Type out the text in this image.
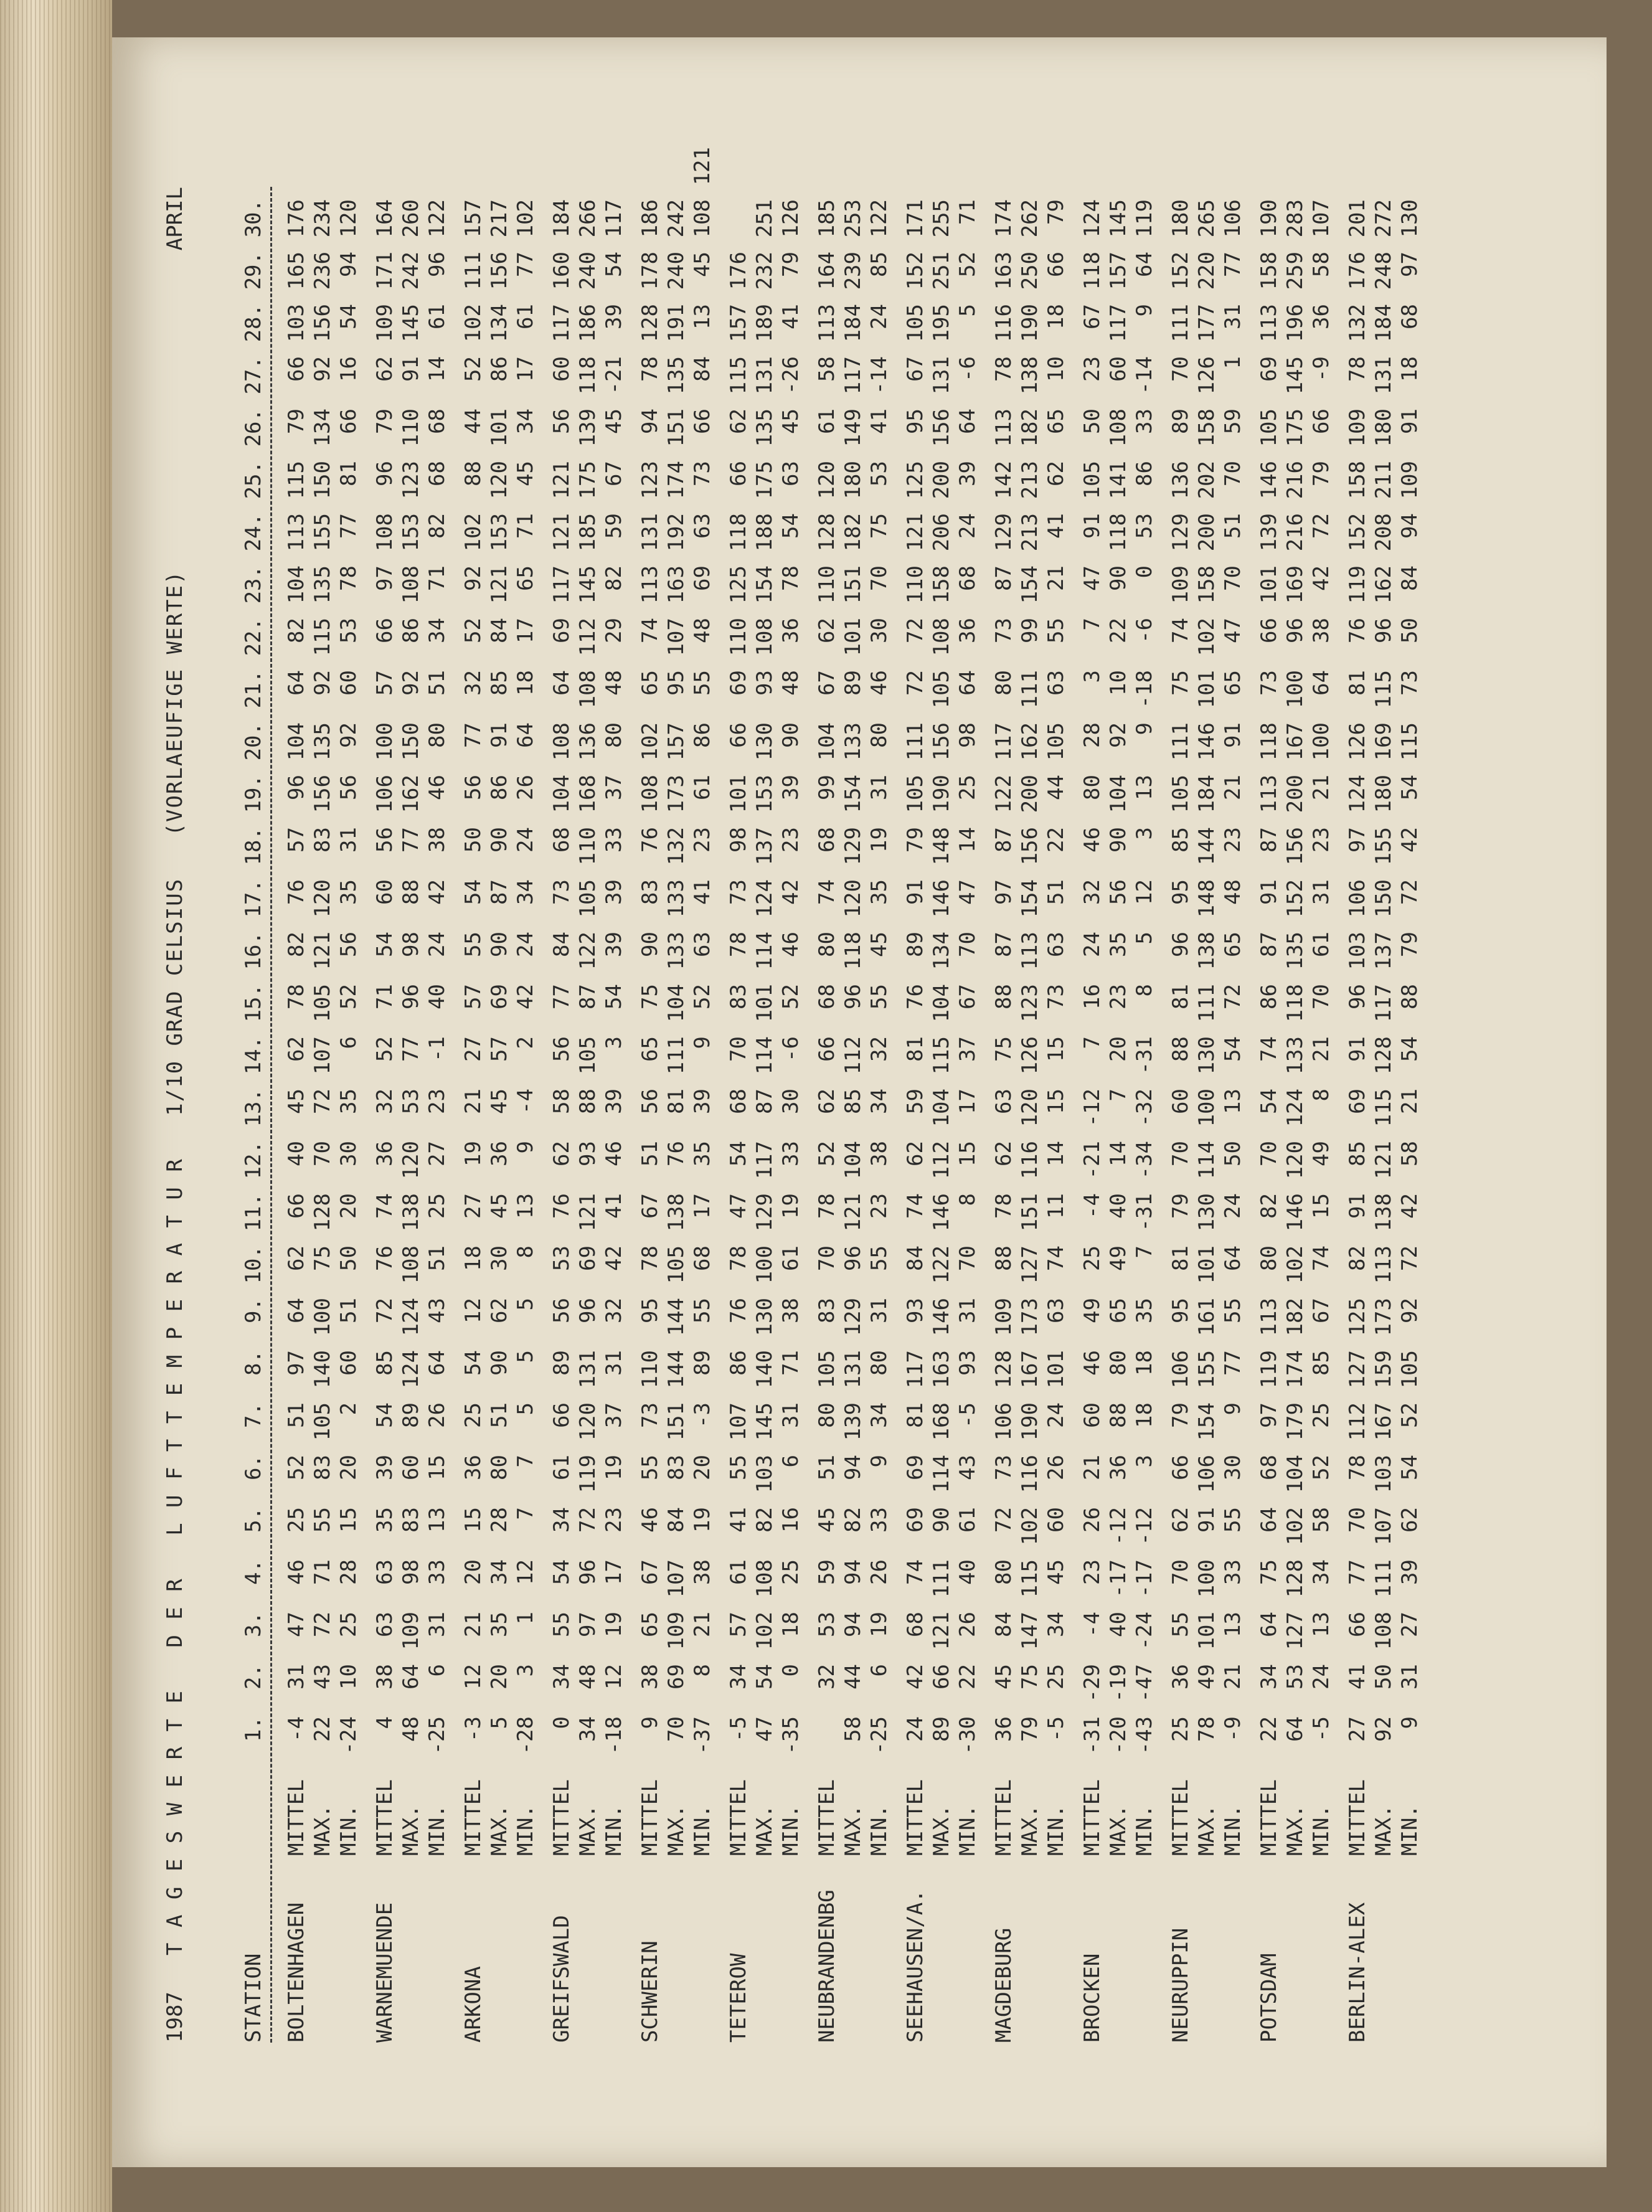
1987
T A G E S W E R T E   D E R   L U F T T E M P E R A T U R   1/10 GRAD CELSIUS   (VORLAEUFIGE WERTE)
APRIL
STATION
1.
2.
3.
4.
5.
6.
7.
8.
9.
10.
11.
12.
13.
14.
15.
16.
17.
18.
19.
20.
21.
22.
23.
24.
25.
26.
27.
28.
29.
30.
BOLTENHAGEN
MITTEL
-4
31
47
46
25
52
51
97
64
62
66
40
45
62
78
82
76
57
96
104
64
82
104
113
115
79
66
103
165
176
MAX.
22
43
72
71
55
83
105
140
100
75
128
70
72
107
105
121
120
83
156
135
92
115
135
155
150
134
92
156
236
234
MIN.
-24
10
25
28
15
20
2
60
51
50
20
30
35
6
52
56
35
31
56
92
60
53
78
77
81
66
16
54
94
120
WARNEMUENDE
MITTEL
4
38
63
63
35
39
54
85
72
76
74
36
32
52
71
54
60
56
106
100
57
66
97
108
96
79
62
109
171
164
MAX.
48
64
109
98
83
60
89
124
124
108
138
120
53
77
96
98
88
77
162
150
92
86
108
153
123
110
91
145
242
260
MIN.
-25
6
31
33
13
15
26
64
43
51
25
27
23
-1
40
24
42
38
46
80
51
34
71
82
68
68
14
61
96
122
ARKONA
MITTEL
-3
12
21
20
15
36
25
54
12
18
27
19
21
27
57
55
54
50
56
77
32
52
92
102
88
44
52
102
111
157
MAX.
5
20
35
34
28
80
51
90
62
30
45
36
45
57
69
90
87
90
86
91
85
84
121
153
120
101
86
134
156
217
MIN.
-28
3
1
12
7
7
5
5
5
8
13
9
-4
2
42
24
34
24
26
64
18
17
65
71
45
34
17
61
77
102
GREIFSWALD
MITTEL
0
34
55
54
34
61
66
89
56
53
76
62
58
56
77
84
73
68
104
108
64
69
117
121
121
56
60
117
160
184
MAX.
34
48
97
96
72
119
120
131
96
69
121
93
88
105
87
122
105
110
168
136
108
112
145
185
175
139
118
186
240
266
MIN.
-18
12
19
17
23
19
37
31
32
42
41
46
39
3
54
39
39
33
37
80
48
29
82
59
67
45
-21
39
54
117
SCHWERIN
MITTEL
9
38
65
67
46
55
73
110
95
78
67
51
56
65
75
90
83
76
108
102
65
74
113
131
123
94
78
128
178
186
MAX.
70
69
109
107
84
83
151
144
144
105
138
76
81
111
104
133
133
132
173
157
95
107
163
192
174
151
135
191
240
242
MIN.
-37
8
21
38
19
20
-3
89
55
68
17
35
39
9
52
63
41
23
61
86
55
48
69
63
73
66
84
13
45
108
121
TETEROW
MITTEL
-5
34
57
61
41
55
107
86
76
78
47
54
68
70
83
78
73
98
101
66
69
110
125
118
66
62
115
157
176
MAX.
47
54
102
108
82
103
145
140
130
100
129
117
87
114
101
114
124
137
153
130
93
108
154
188
175
135
131
189
232
251
MIN.
-35
0
18
25
16
6
31
71
38
61
19
33
30
-6
52
46
42
23
39
90
48
36
78
54
63
45
-26
41
79
126
NEUBRANDENBG
MITTEL
32
53
59
45
51
80
105
83
70
78
52
62
66
68
80
74
68
99
104
67
62
110
128
120
61
58
113
164
185
MAX.
58
44
94
94
82
94
139
131
129
96
121
104
85
112
96
118
120
129
154
133
89
101
151
182
180
149
117
184
239
253
MIN.
-25
6
19
26
33
9
34
80
31
55
23
38
34
32
55
45
35
19
31
80
46
30
70
75
53
41
-14
24
85
122
SEEHAUSEN/A.
MITTEL
24
42
68
74
69
69
81
117
93
84
74
62
59
81
76
89
91
79
105
111
72
72
110
121
125
95
67
105
152
171
MAX.
89
66
121
111
90
114
168
163
146
122
146
112
104
115
104
134
146
148
190
156
105
108
158
206
200
156
131
195
251
255
MIN.
-30
22
26
40
61
43
-5
93
31
70
8
15
17
37
67
70
47
14
25
98
64
36
68
24
39
64
-6
5
52
71
MAGDEBURG
MITTEL
36
45
84
80
72
73
106
128
109
88
78
62
63
75
88
87
97
87
122
117
80
73
87
129
142
113
78
116
163
174
MAX.
79
75
147
115
102
116
190
167
173
127
151
116
120
126
123
113
154
156
200
162
111
99
154
213
213
182
138
190
250
262
MIN.
-5
25
34
45
60
26
24
101
63
74
11
14
15
15
73
63
51
22
44
105
63
55
21
41
62
65
10
18
66
79
BROCKEN
MITTEL
-31
-29
-4
23
26
21
60
46
49
25
-4
-21
-12
7
16
24
32
46
80
28
3
7
47
91
105
50
23
67
118
124
MAX.
-20
-19
40
-17
-12
36
88
80
65
49
40
14
7
20
23
35
56
90
104
92
10
22
90
118
141
108
60
117
157
145
MIN.
-43
-47
-24
-17
-12
3
18
18
35
7
-31
-34
-32
-31
8
5
12
3
13
9
-18
-6
0
53
86
33
-14
9
64
119
NEURUPPIN
MITTEL
25
36
55
70
62
66
79
106
95
81
79
70
60
88
81
96
95
85
105
111
75
74
109
129
136
89
70
111
152
180
MAX.
78
49
101
100
91
106
154
155
161
101
130
114
100
130
111
138
148
144
184
146
101
102
158
200
202
158
126
177
220
265
MIN.
-9
21
13
33
55
30
9
77
55
64
24
50
13
54
72
65
48
23
21
91
65
47
70
51
70
59
1
31
77
106
POTSDAM
MITTEL
22
34
64
75
64
68
97
119
113
80
82
70
54
74
86
87
91
87
113
118
73
66
101
139
146
105
69
113
158
190
MAX.
64
53
127
128
102
104
179
174
182
102
146
120
124
133
118
135
152
156
200
167
100
96
169
216
216
175
145
196
259
283
MIN.
-5
24
13
34
58
52
25
85
67
74
15
49
8
21
70
61
31
23
21
100
64
38
42
72
79
66
-9
36
58
107
BERLIN-ALEX
MITTEL
27
41
66
77
70
78
112
127
125
82
91
85
69
91
96
103
106
97
124
126
81
76
119
152
158
109
78
132
176
201
MAX.
92
50
108
111
107
103
167
159
173
113
138
121
115
128
117
137
150
155
180
169
115
96
162
208
211
180
131
184
248
272
MIN.
9
31
27
39
62
54
52
105
92
72
42
58
21
54
88
79
72
42
54
115
73
50
84
94
109
91
18
68
97
130
